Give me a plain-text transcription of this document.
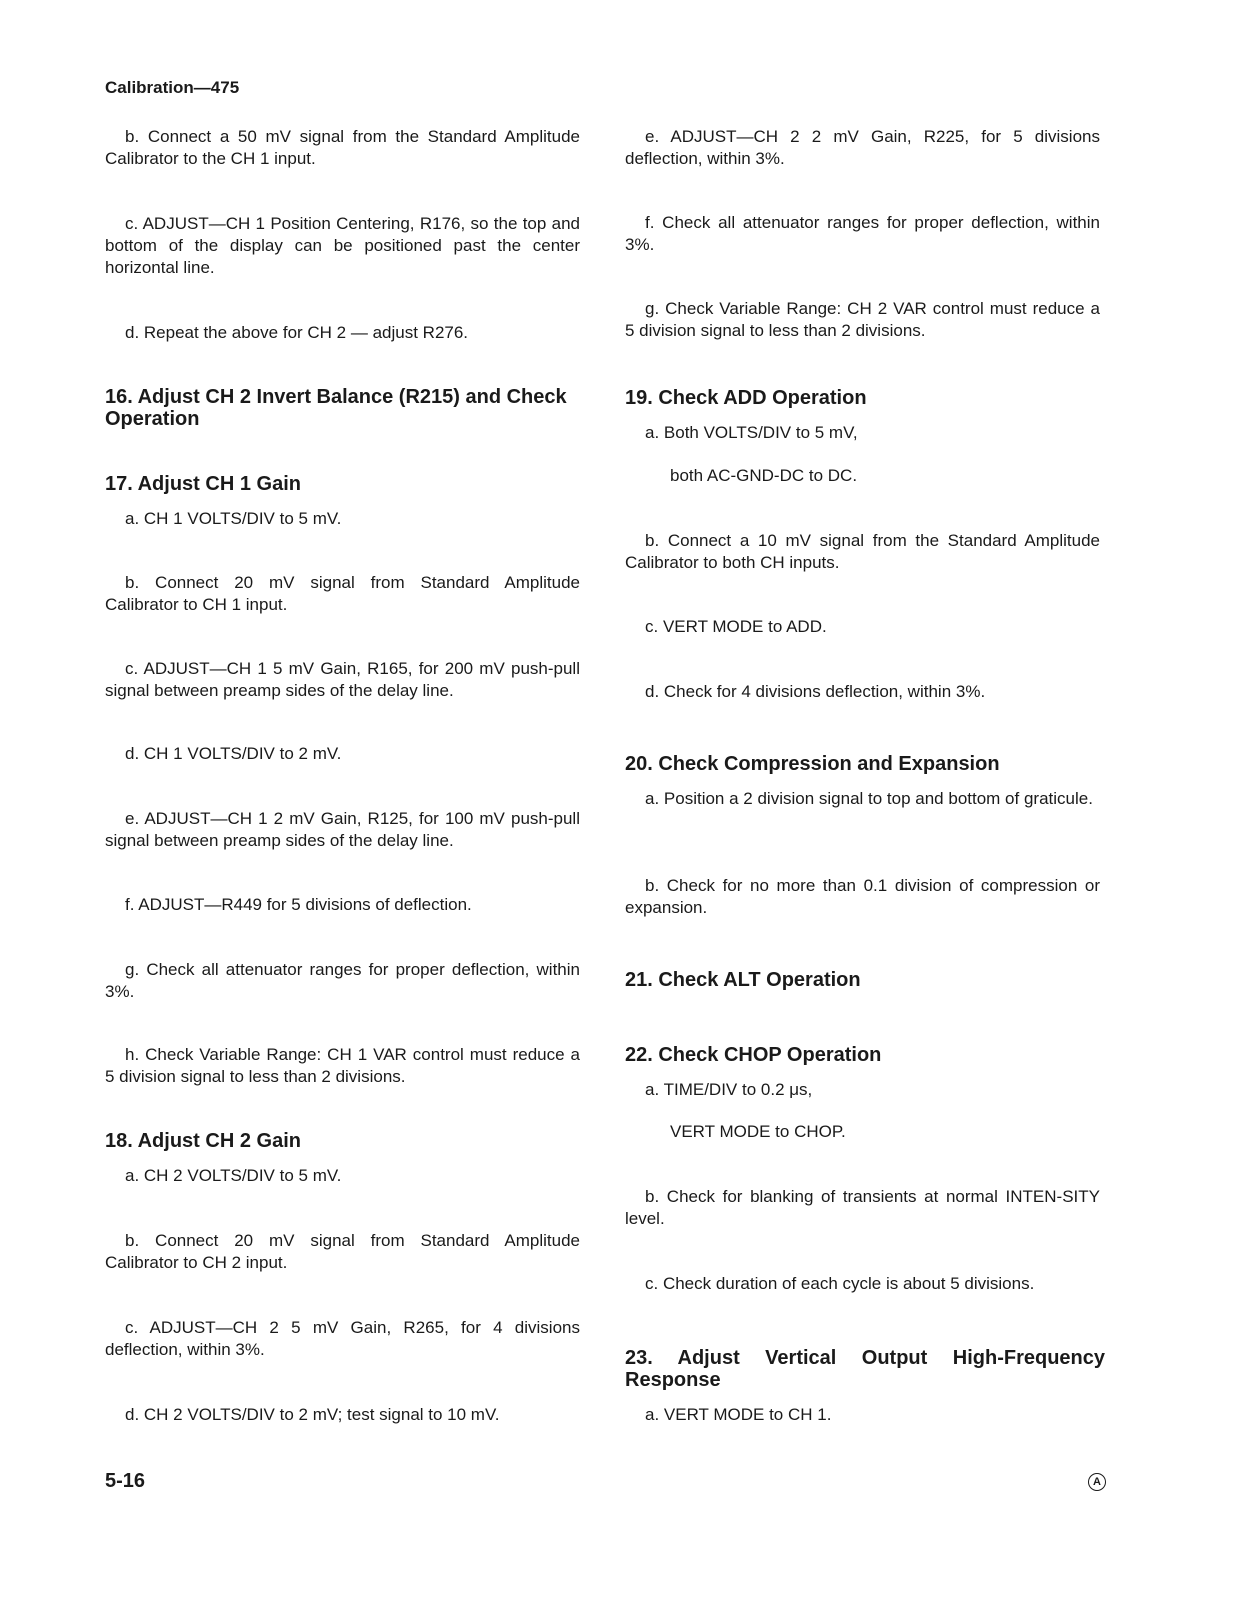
Calibration—475
b. Connect a 50 mV signal from the Standard Amplitude Calibrator to the CH 1 input.
c. ADJUST—CH 1 Position Centering, R176, so the top and bottom of the display can be positioned past the center horizontal line.
d. Repeat the above for CH 2 — adjust R276.
16. Adjust CH 2 Invert Balance (R215) and Check Operation
17. Adjust CH 1 Gain
a. CH 1 VOLTS/DIV to 5 mV.
b. Connect 20 mV signal from Standard Amplitude Calibrator to CH 1 input.
c. ADJUST—CH 1 5 mV Gain, R165, for 200 mV push-pull signal between preamp sides of the delay line.
d. CH 1 VOLTS/DIV to 2 mV.
e. ADJUST—CH 1 2 mV Gain, R125, for 100 mV push-pull signal between preamp sides of the delay line.
f. ADJUST—R449 for 5 divisions of deflection.
g. Check all attenuator ranges for proper deflection, within 3%.
h. Check Variable Range: CH 1 VAR control must reduce a 5 division signal to less than 2 divisions.
18. Adjust CH 2 Gain
a. CH 2 VOLTS/DIV to 5 mV.
b. Connect 20 mV signal from Standard Amplitude Calibrator to CH 2 input.
c. ADJUST—CH 2 5 mV Gain, R265, for 4 divisions deflection, within 3%.
d. CH 2 VOLTS/DIV to 2 mV; test signal to 10 mV.
e. ADJUST—CH 2 2 mV Gain, R225, for 5 divisions deflection, within 3%.
f. Check all attenuator ranges for proper deflection, within 3%.
g. Check Variable Range: CH 2 VAR control must reduce a 5 division signal to less than 2 divisions.
19. Check ADD Operation
a. Both VOLTS/DIV to 5 mV,
both AC-GND-DC to DC.
b. Connect a 10 mV signal from the Standard Amplitude Calibrator to both CH inputs.
c. VERT MODE to ADD.
d. Check for 4 divisions deflection, within 3%.
20. Check Compression and Expansion
a. Position a 2 division signal to top and bottom of graticule.
b. Check for no more than 0.1 division of compression or expansion.
21. Check ALT Operation
22. Check CHOP Operation
a. TIME/DIV to 0.2 μs,
VERT MODE to CHOP.
b. Check for blanking of transients at normal INTEN-SITY level.
c. Check duration of each cycle is about 5 divisions.
23. Adjust Vertical Output High-Frequency Response
a. VERT MODE to CH 1.
5-16	A
